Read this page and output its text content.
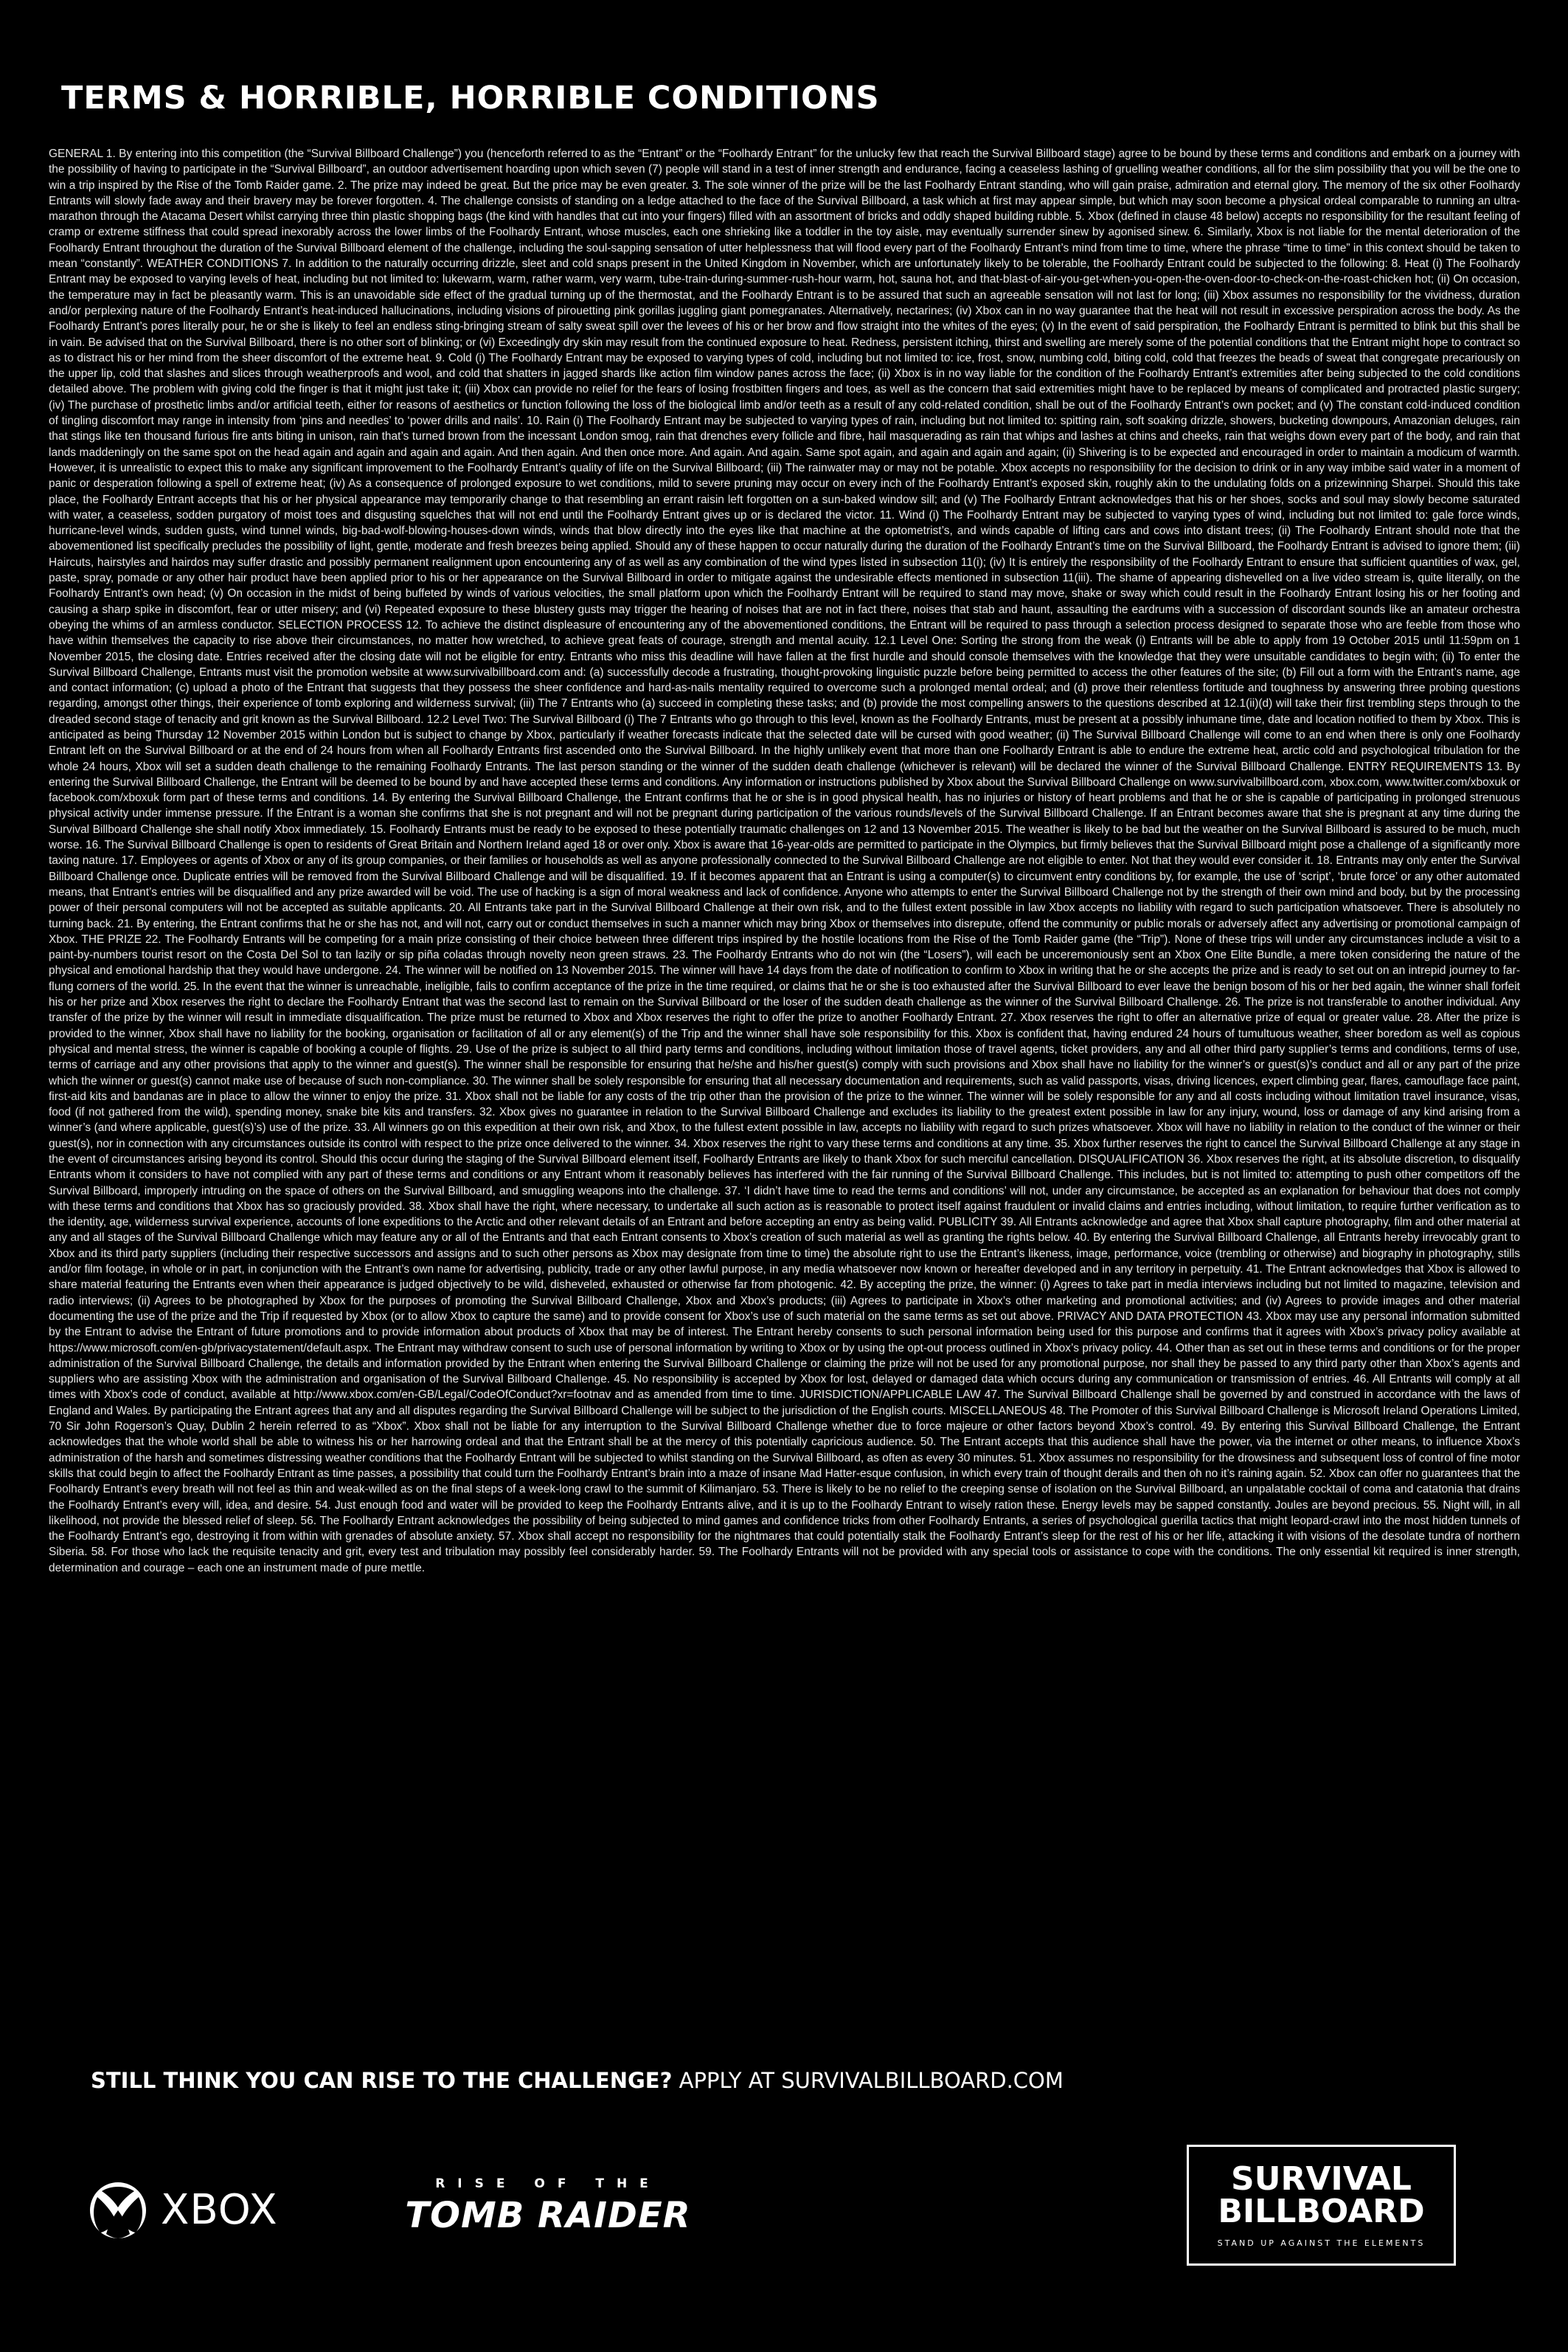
TERMS & HORRIBLE, HORRIBLE CONDITIONS

GENERAL 1. By entering into this competition (the “Survival Billboard Challenge”) you (henceforth referred to as the “Entrant” or the “Foolhardy Entrant” for the unlucky few that reach the Survival Billboard stage) agree to be bound by these terms and conditions and embark on a journey with the possibility of having to participate in the “Survival Billboard”, an outdoor advertisement hoarding upon which seven (7) people will stand in a test of inner strength and endurance, facing a ceaseless lashing of gruelling weather conditions, all for the slim possibility that you will be the one to win a trip inspired by the Rise of the Tomb Raider game. 2. The prize may indeed be great. But the price may be even greater. 3. The sole winner of the prize will be the last Foolhardy Entrant standing, who will gain praise, admiration and eternal glory. The memory of the six other Foolhardy Entrants will slowly fade away and their bravery may be forever forgotten. 4. The challenge consists of standing on a ledge attached to the face of the Survival Billboard, a task which at first may appear simple, but which may soon become a physical ordeal comparable to running an ultra-marathon through the Atacama Desert whilst carrying three thin plastic shopping bags (the kind with handles that cut into your fingers) filled with an assortment of bricks and oddly shaped building rubble. 5. Xbox (defined in clause 48 below) accepts no responsibility for the resultant feeling of cramp or extreme stiffness that could spread inexorably across the lower limbs of the Foolhardy Entrant, whose muscles, each one shrieking like a toddler in the toy aisle, may eventually surrender sinew by agonised sinew. 6. Similarly, Xbox is not liable for the mental deterioration of the Foolhardy Entrant throughout the duration of the Survival Billboard element of the challenge, including the soul-sapping sensation of utter helplessness that will flood every part of the Foolhardy Entrant’s mind from time to time, where the phrase “time to time” in this context should be taken to mean “constantly”. WEATHER CONDITIONS 7. In addition to the naturally occurring drizzle, sleet and cold snaps present in the United Kingdom in November, which are unfortunately likely to be tolerable, the Foolhardy Entrant could be subjected to the following: 8. Heat (i) The Foolhardy Entrant may be exposed to varying levels of heat, including but not limited to: lukewarm, warm, rather warm, very warm, tube-train-during-summer-rush-hour warm, hot, sauna hot, and that-blast-of-air-you-get-when-you-open-the-oven-door-to-check-on-the-roast-chicken hot; (ii) On occasion, the temperature may in fact be pleasantly warm. This is an unavoidable side effect of the gradual turning up of the thermostat, and the Foolhardy Entrant is to be assured that such an agreeable sensation will not last for long; (iii) Xbox assumes no responsibility for the vividness, duration and/or perplexing nature of the Foolhardy Entrant’s heat-induced hallucinations, including visions of pirouetting pink gorillas juggling giant pomegranates. Alternatively, nectarines; (iv) Xbox can in no way guarantee that the heat will not result in excessive perspiration across the body. As the Foolhardy Entrant’s pores literally pour, he or she is likely to feel an endless sting-bringing stream of salty sweat spill over the levees of his or her brow and flow straight into the whites of the eyes; (v) In the event of said perspiration, the Foolhardy Entrant is permitted to blink but this shall be in vain. Be advised that on the Survival Billboard, there is no other sort of blinking; or (vi) Exceedingly dry skin may result from the continued exposure to heat. Redness, persistent itching, thirst and swelling are merely some of the potential conditions that the Entrant might hope to contract so as to distract his or her mind from the sheer discomfort of the extreme heat. 9. Cold (i) The Foolhardy Entrant may be exposed to varying types of cold, including but not limited to: ice, frost, snow, numbing cold, biting cold, cold that freezes the beads of sweat that congregate precariously on the upper lip, cold that slashes and slices through weatherproofs and wool, and cold that shatters in jagged shards like action film window panes across the face; (ii) Xbox is in no way liable for the condition of the Foolhardy Entrant’s extremities after being subjected to the cold conditions detailed above. The problem with giving cold the finger is that it might just take it; (iii) Xbox can provide no relief for the fears of losing frostbitten fingers and toes, as well as the concern that said extremities might have to be replaced by means of complicated and protracted plastic surgery; (iv) The purchase of prosthetic limbs and/or artificial teeth, either for reasons of aesthetics or function following the loss of the biological limb and/or teeth as a result of any cold-related condition, shall be out of the Foolhardy Entrant’s own pocket; and (v) The constant cold-induced condition of tingling discomfort may range in intensity from ‘pins and needles’ to ‘power drills and nails’. 10. Rain (i) The Foolhardy Entrant may be subjected to varying types of rain, including but not limited to: spitting rain, soft soaking drizzle, showers, bucketing downpours, Amazonian deluges, rain that stings like ten thousand furious fire ants biting in unison, rain that’s turned brown from the incessant London smog, rain that drenches every follicle and fibre, hail masquerading as rain that whips and lashes at chins and cheeks, rain that weighs down every part of the body, and rain that lands maddeningly on the same spot on the head again and again and again and again. And then again. And then once more. And again. And again. Same spot again, and again and again and again; (ii) Shivering is to be expected and encouraged in order to maintain a modicum of warmth. However, it is unrealistic to expect this to make any significant improvement to the Foolhardy Entrant’s quality of life on the Survival Billboard; (iii) The rainwater may or may not be potable. Xbox accepts no responsibility for the decision to drink or in any way imbibe said water in a moment of panic or desperation following a spell of extreme heat; (iv) As a consequence of prolonged exposure to wet conditions, mild to severe pruning may occur on every inch of the Foolhardy Entrant’s exposed skin, roughly akin to the undulating folds on a prizewinning Sharpei. Should this take place, the Foolhardy Entrant accepts that his or her physical appearance may temporarily change to that resembling an errant raisin left forgotten on a sun-baked window sill; and (v) The Foolhardy Entrant acknowledges that his or her shoes, socks and soul may slowly become saturated with water, a ceaseless, sodden purgatory of moist toes and disgusting squelches that will not end until the Foolhardy Entrant gives up or is declared the victor. 11. Wind (i) The Foolhardy Entrant may be subjected to varying types of wind, including but not limited to: gale force winds, hurricane-level winds, sudden gusts, wind tunnel winds, big-bad-wolf-blowing-houses-down winds, winds that blow directly into the eyes like that machine at the optometrist’s, and winds capable of lifting cars and cows into distant trees; (ii) The Foolhardy Entrant should note that the abovementioned list specifically precludes the possibility of light, gentle, moderate and fresh breezes being applied. Should any of these happen to occur naturally during the duration of the Foolhardy Entrant’s time on the Survival Billboard, the Foolhardy Entrant is advised to ignore them; (iii) Haircuts, hairstyles and hairdos may suffer drastic and possibly permanent realignment upon encountering any of as well as any combination of the wind types listed in subsection 11(i); (iv) It is entirely the responsibility of the Foolhardy Entrant to ensure that sufficient quantities of wax, gel, paste, spray, pomade or any other hair product have been applied prior to his or her appearance on the Survival Billboard in order to mitigate against the undesirable effects mentioned in subsection 11(iii). The shame of appearing dishevelled on a live video stream is, quite literally, on the Foolhardy Entrant’s own head; (v) On occasion in the midst of being buffeted by winds of various velocities, the small platform upon which the Foolhardy Entrant will be required to stand may move, shake or sway which could result in the Foolhardy Entrant losing his or her footing and causing a sharp spike in discomfort, fear or utter misery; and (vi) Repeated exposure to these blustery gusts may trigger the hearing of noises that are not in fact there, noises that stab and haunt, assaulting the eardrums with a succession of discordant sounds like an amateur orchestra obeying the whims of an armless conductor. SELECTION PROCESS 12. To achieve the distinct displeasure of encountering any of the abovementioned conditions, the Entrant will be required to pass through a selection process designed to separate those who are feeble from those who have within themselves the capacity to rise above their circumstances, no matter how wretched, to achieve great feats of courage, strength and mental acuity. 12.1 Level One: Sorting the strong from the weak (i) Entrants will be able to apply from 19 October 2015 until 11:59pm on 1 November 2015, the closing date. Entries received after the closing date will not be eligible for entry. Entrants who miss this deadline will have fallen at the first hurdle and should console themselves with the knowledge that they were unsuitable candidates to begin with; (ii) To enter the Survival Billboard Challenge, Entrants must visit the promotion website at www.survivalbillboard.com and: (a) successfully decode a frustrating, thought-provoking linguistic puzzle before being permitted to access the other features of the site; (b) Fill out a form with the Entrant’s name, age and contact information; (c) upload a photo of the Entrant that suggests that they possess the sheer confidence and hard-as-nails mentality required to overcome such a prolonged mental ordeal; and (d) prove their relentless fortitude and toughness by answering three probing questions regarding, amongst other things, their experience of tomb exploring and wilderness survival; (iii) The 7 Entrants who (a) succeed in completing these tasks; and (b) provide the most compelling answers to the questions described at 12.1(ii)(d) will take their first trembling steps through to the dreaded second stage of tenacity and grit known as the Survival Billboard. 12.2 Level Two: The Survival Billboard (i) The 7 Entrants who go through to this level, known as the Foolhardy Entrants, must be present at a possibly inhumane time, date and location notified to them by Xbox. This is anticipated as being Thursday 12 November 2015 within London but is subject to change by Xbox, particularly if weather forecasts indicate that the selected date will be cursed with good weather; (ii) The Survival Billboard Challenge will come to an end when there is only one Foolhardy Entrant left on the Survival Billboard or at the end of 24 hours from when all Foolhardy Entrants first ascended onto the Survival Billboard. In the highly unlikely event that more than one Foolhardy Entrant is able to endure the extreme heat, arctic cold and psychological tribulation for the whole 24 hours, Xbox will set a sudden death challenge to the remaining Foolhardy Entrants. The last person standing or the winner of the sudden death challenge (whichever is relevant) will be declared the winner of the Survival Billboard Challenge. ENTRY REQUIREMENTS 13. By entering the Survival Billboard Challenge, the Entrant will be deemed to be bound by and have accepted these terms and conditions. Any information or instructions published by Xbox about the Survival Billboard Challenge on www.survivalbillboard.com, xbox.com, www.twitter.com/xboxuk or facebook.com/xboxuk form part of these terms and conditions. 14. By entering the Survival Billboard Challenge, the Entrant confirms that he or she is in good physical health, has no injuries or history of heart problems and that he or she is capable of participating in prolonged strenuous physical activity under immense pressure. If the Entrant is a woman she confirms that she is not pregnant and will not be pregnant during participation of the various rounds/levels of the Survival Billboard Challenge. If an Entrant becomes aware that she is pregnant at any time during the Survival Billboard Challenge she shall notify Xbox immediately. 15. Foolhardy Entrants must be ready to be exposed to these potentially traumatic challenges on 12 and 13 November 2015. The weather is likely to be bad but the weather on the Survival Billboard is assured to be much, much worse. 16. The Survival Billboard Challenge is open to residents of Great Britain and Northern Ireland aged 18 or over only. Xbox is aware that 16-year-olds are permitted to participate in the Olympics, but firmly believes that the Survival Billboard might pose a challenge of a significantly more taxing nature. 17. Employees or agents of Xbox or any of its group companies, or their families or households as well as anyone professionally connected to the Survival Billboard Challenge are not eligible to enter. Not that they would ever consider it. 18. Entrants may only enter the Survival Billboard Challenge once. Duplicate entries will be removed from the Survival Billboard Challenge and will be disqualified. 19. If it becomes apparent that an Entrant is using a computer(s) to circumvent entry conditions by, for example, the use of ‘script’, ‘brute force’ or any other automated means, that Entrant’s entries will be disqualified and any prize awarded will be void. The use of hacking is a sign of moral weakness and lack of confidence. Anyone who attempts to enter the Survival Billboard Challenge not by the strength of their own mind and body, but by the processing power of their personal computers will not be accepted as suitable applicants. 20. All Entrants take part in the Survival Billboard Challenge at their own risk, and to the fullest extent possible in law Xbox accepts no liability with regard to such participation whatsoever. There is absolutely no turning back. 21. By entering, the Entrant confirms that he or she has not, and will not, carry out or conduct themselves in such a manner which may bring Xbox or themselves into disrepute, offend the community or public morals or adversely affect any advertising or promotional campaign of Xbox. THE PRIZE 22. The Foolhardy Entrants will be competing for a main prize consisting of their choice between three different trips inspired by the hostile locations from the Rise of the Tomb Raider game (the “Trip”). None of these trips will under any circumstances include a visit to a paint-by-numbers tourist resort on the Costa Del Sol to tan lazily or sip piña coladas through novelty neon green straws. 23. The Foolhardy Entrants who do not win (the “Losers”), will each be unceremoniously sent an Xbox One Elite Bundle, a mere token considering the nature of the physical and emotional hardship that they would have undergone. 24. The winner will be notified on 13 November 2015. The winner will have 14 days from the date of notification to confirm to Xbox in writing that he or she accepts the prize and is ready to set out on an intrepid journey to far-flung corners of the world. 25. In the event that the winner is unreachable, ineligible, fails to confirm acceptance of the prize in the time required, or claims that he or she is too exhausted after the Survival Billboard to ever leave the benign bosom of his or her bed again, the winner shall forfeit his or her prize and Xbox reserves the right to declare the Foolhardy Entrant that was the second last to remain on the Survival Billboard or the loser of the sudden death challenge as the winner of the Survival Billboard Challenge. 26. The prize is not transferable to another individual. Any transfer of the prize by the winner will result in immediate disqualification. The prize must be returned to Xbox and Xbox reserves the right to offer the prize to another Foolhardy Entrant. 27. Xbox reserves the right to offer an alternative prize of equal or greater value. 28. After the prize is provided to the winner, Xbox shall have no liability for the booking, organisation or facilitation of all or any element(s) of the Trip and the winner shall have sole responsibility for this. Xbox is confident that, having endured 24 hours of tumultuous weather, sheer boredom as well as copious physical and mental stress, the winner is capable of booking a couple of flights. 29. Use of the prize is subject to all third party terms and conditions, including without limitation those of travel agents, ticket providers, any and all other third party supplier’s terms and conditions, terms of use, terms of carriage and any other provisions that apply to the winner and guest(s). The winner shall be responsible for ensuring that he/she and his/her guest(s) comply with such provisions and Xbox shall have no liability for the winner’s or guest(s)’s conduct and all or any part of the prize which the winner or guest(s) cannot make use of because of such non-compliance. 30. The winner shall be solely responsible for ensuring that all necessary documentation and requirements, such as valid passports, visas, driving licences, expert climbing gear, flares, camouflage face paint, first-aid kits and bandanas are in place to allow the winner to enjoy the prize. 31. Xbox shall not be liable for any costs of the trip other than the provision of the prize to the winner. The winner will be solely responsible for any and all costs including without limitation travel insurance, visas, food (if not gathered from the wild), spending money, snake bite kits and transfers. 32. Xbox gives no guarantee in relation to the Survival Billboard Challenge and excludes its liability to the greatest extent possible in law for any injury, wound, loss or damage of any kind arising from a winner’s (and where applicable, guest(s)’s) use of the prize. 33. All winners go on this expedition at their own risk, and Xbox, to the fullest extent possible in law, accepts no liability with regard to such prizes whatsoever. Xbox will have no liability in relation to the conduct of the winner or their guest(s), nor in connection with any circumstances outside its control with respect to the prize once delivered to the winner. 34. Xbox reserves the right to vary these terms and conditions at any time. 35. Xbox further reserves the right to cancel the Survival Billboard Challenge at any stage in the event of circumstances arising beyond its control. Should this occur during the staging of the Survival Billboard element itself, Foolhardy Entrants are likely to thank Xbox for such merciful cancellation. DISQUALIFICATION 36. Xbox reserves the right, at its absolute discretion, to disqualify Entrants whom it considers to have not complied with any part of these terms and conditions or any Entrant whom it reasonably believes has interfered with the fair running of the Survival Billboard Challenge. This includes, but is not limited to: attempting to push other competitors off the Survival Billboard, improperly intruding on the space of others on the Survival Billboard, and smuggling weapons into the challenge. 37. ‘I didn’t have time to read the terms and conditions’ will not, under any circumstance, be accepted as an explanation for behaviour that does not comply with these terms and conditions that Xbox has so graciously provided. 38. Xbox shall have the right, where necessary, to undertake all such action as is reasonable to protect itself against fraudulent or invalid claims and entries including, without limitation, to require further verification as to the identity, age, wilderness survival experience, accounts of lone expeditions to the Arctic and other relevant details of an Entrant and before accepting an entry as being valid. PUBLICITY 39. All Entrants acknowledge and agree that Xbox shall capture photography, film and other material at any and all stages of the Survival Billboard Challenge which may feature any or all of the Entrants and that each Entrant consents to Xbox’s creation of such material as well as granting the rights below. 40. By entering the Survival Billboard Challenge, all Entrants hereby irrevocably grant to Xbox and its third party suppliers (including their respective successors and assigns and to such other persons as Xbox may designate from time to time) the absolute right to use the Entrant’s likeness, image, performance, voice (trembling or otherwise) and biography in photography, stills and/or film footage, in whole or in part, in conjunction with the Entrant’s own name for advertising, publicity, trade or any other lawful purpose, in any media whatsoever now known or hereafter developed and in any territory in perpetuity. 41. The Entrant acknowledges that Xbox is allowed to share material featuring the Entrants even when their appearance is judged objectively to be wild, disheveled, exhausted or otherwise far from photogenic. 42. By accepting the prize, the winner: (i) Agrees to take part in media interviews including but not limited to magazine, television and radio interviews; (ii) Agrees to be photographed by Xbox for the purposes of promoting the Survival Billboard Challenge, Xbox and Xbox’s products; (iii) Agrees to participate in Xbox’s other marketing and promotional activities; and (iv) Agrees to provide images and other material documenting the use of the prize and the Trip if requested by Xbox (or to allow Xbox to capture the same) and to provide consent for Xbox’s use of such material on the same terms as set out above. PRIVACY AND DATA PROTECTION 43. Xbox may use any personal information submitted by the Entrant to advise the Entrant of future promotions and to provide information about products of Xbox that may be of interest. The Entrant hereby consents to such personal information being used for this purpose and confirms that it agrees with Xbox’s privacy policy available at https://www.microsoft.com/en-gb/privacystatement/default.aspx. The Entrant may withdraw consent to such use of personal information by writing to Xbox or by using the opt-out process outlined in Xbox’s privacy policy. 44. Other than as set out in these terms and conditions or for the proper administration of the Survival Billboard Challenge, the details and information provided by the Entrant when entering the Survival Billboard Challenge or claiming the prize will not be used for any promotional purpose, nor shall they be passed to any third party other than Xbox’s agents and suppliers who are assisting Xbox with the administration and organisation of the Survival Billboard Challenge. 45. No responsibility is accepted by Xbox for lost, delayed or damaged data which occurs during any communication or transmission of entries. 46. All Entrants will comply at all times with Xbox’s code of conduct, available at http://www.xbox.com/en-GB/Legal/CodeOfConduct?xr=footnav and as amended from time to time. JURISDICTION/APPLICABLE LAW 47. The Survival Billboard Challenge shall be governed by and construed in accordance with the laws of England and Wales. By participating the Entrant agrees that any and all disputes regarding the Survival Billboard Challenge will be subject to the jurisdiction of the English courts. MISCELLANEOUS 48. The Promoter of this Survival Billboard Challenge is Microsoft Ireland Operations Limited, 70 Sir John Rogerson’s Quay, Dublin 2 herein referred to as “Xbox”. Xbox shall not be liable for any interruption to the Survival Billboard Challenge whether due to force majeure or other factors beyond Xbox’s control. 49. By entering this Survival Billboard Challenge, the Entrant acknowledges that the whole world shall be able to witness his or her harrowing ordeal and that the Entrant shall be at the mercy of this potentially capricious audience. 50. The Entrant accepts that this audience shall have the power, via the internet or other means, to influence Xbox’s administration of the harsh and sometimes distressing weather conditions that the Foolhardy Entrant will be subjected to whilst standing on the Survival Billboard, as often as every 30 minutes. 51. Xbox assumes no responsibility for the drowsiness and subsequent loss of control of fine motor skills that could begin to affect the Foolhardy Entrant as time passes, a possibility that could turn the Foolhardy Entrant’s brain into a maze of insane Mad Hatter-esque confusion, in which every train of thought derails and then oh no it’s raining again. 52. Xbox can offer no guarantees that the Foolhardy Entrant’s every breath will not feel as thin and weak-willed as on the final steps of a week-long crawl to the summit of Kilimanjaro. 53. There is likely to be no relief to the creeping sense of isolation on the Survival Billboard, an unpalatable cocktail of coma and catatonia that drains the Foolhardy Entrant’s every will, idea, and desire. 54. Just enough food and water will be provided to keep the Foolhardy Entrants alive, and it is up to the Foolhardy Entrant to wisely ration these. Energy levels may be sapped constantly. Joules are beyond precious. 55. Night will, in all likelihood, not provide the blessed relief of sleep. 56. The Foolhardy Entrant acknowledges the possibility of being subjected to mind games and confidence tricks from other Foolhardy Entrants, a series of psychological guerilla tactics that might leopard-crawl into the most hidden tunnels of the Foolhardy Entrant’s ego, destroying it from within with grenades of absolute anxiety. 57. Xbox shall accept no responsibility for the nightmares that could potentially stalk the Foolhardy Entrant’s sleep for the rest of his or her life, attacking it with visions of the desolate tundra of northern Siberia. 58. For those who lack the requisite tenacity and grit, every test and tribulation may possibly feel considerably harder. 59. The Foolhardy Entrants will not be provided with any special tools or assistance to cope with the conditions. The only essential kit required is inner strength, determination and courage – each one an instrument made of pure mettle.

STILL THINK YOU CAN RISE TO THE CHALLENGE? APPLY AT SURVIVALBILLBOARD.COM

XBOX
RISE OF THE
TOMB RAIDER
SURVIVAL
BILLBOARD
STAND UP AGAINST THE ELEMENTS
